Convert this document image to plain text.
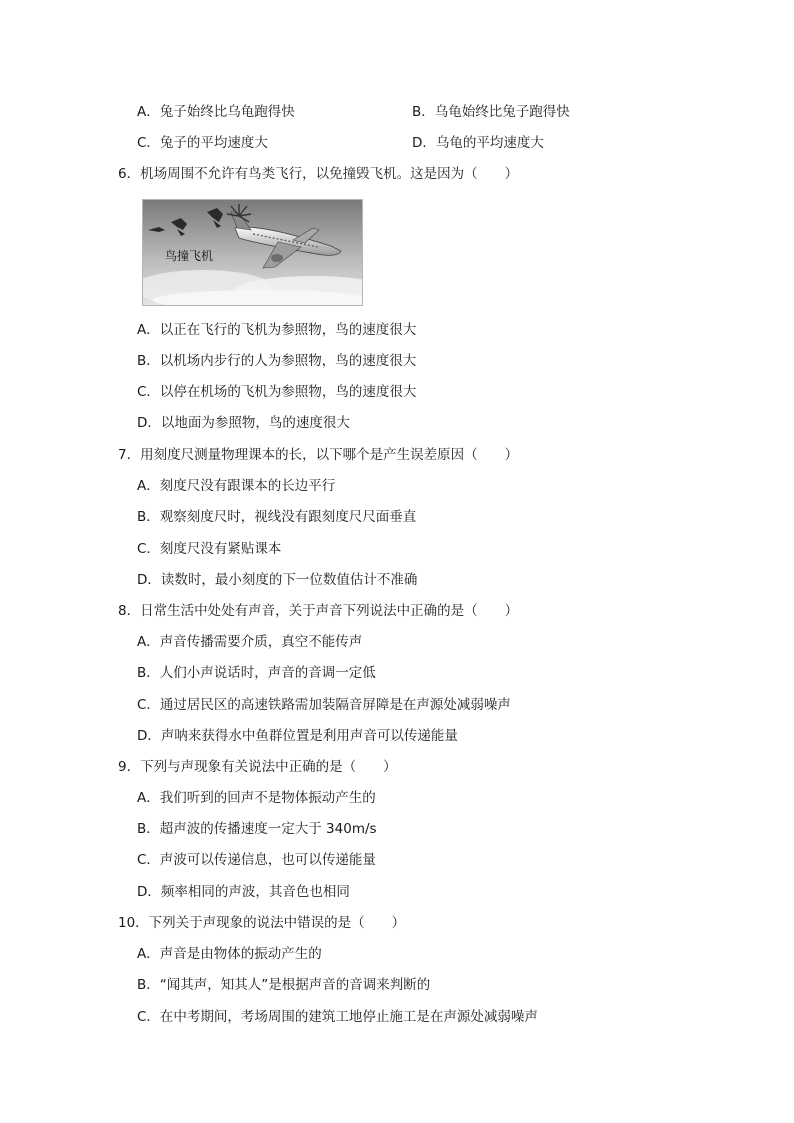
A．兔子始终比乌龟跑得快	B．乌龟始终比兔子跑得快
C．兔子的平均速度大	D．乌龟的平均速度大
6．机场周围不允许有鸟类飞行，以免撞毁飞机。这是因为（　　）
鸟撞飞机
A．以正在飞行的飞机为参照物，鸟的速度很大
B．以机场内步行的人为参照物，鸟的速度很大
C．以停在机场的飞机为参照物，鸟的速度很大
D．以地面为参照物，鸟的速度很大
7．用刻度尺测量物理课本的长，以下哪个是产生误差原因（　　）
A．刻度尺没有跟课本的长边平行
B．观察刻度尺时，视线没有跟刻度尺尺面垂直
C．刻度尺没有紧贴课本
D．读数时，最小刻度的下一位数值估计不准确
8．日常生活中处处有声音，关于声音下列说法中正确的是（　　）
A．声音传播需要介质，真空不能传声
B．人们小声说话时，声音的音调一定低
C．通过居民区的高速铁路需加装隔音屏障是在声源处减弱噪声
D．声呐来获得水中鱼群位置是利用声音可以传递能量
9．下列与声现象有关说法中正确的是（　　）
A．我们听到的回声不是物体振动产生的
B．超声波的传播速度一定大于 340m/s
C．声波可以传递信息，也可以传递能量
D．频率相同的声波，其音色也相同
10．下列关于声现象的说法中错误的是（　　）
A．声音是由物体的振动产生的
B．“闻其声，知其人”是根据声音的音调来判断的
C．在中考期间，考场周围的建筑工地停止施工是在声源处减弱噪声
